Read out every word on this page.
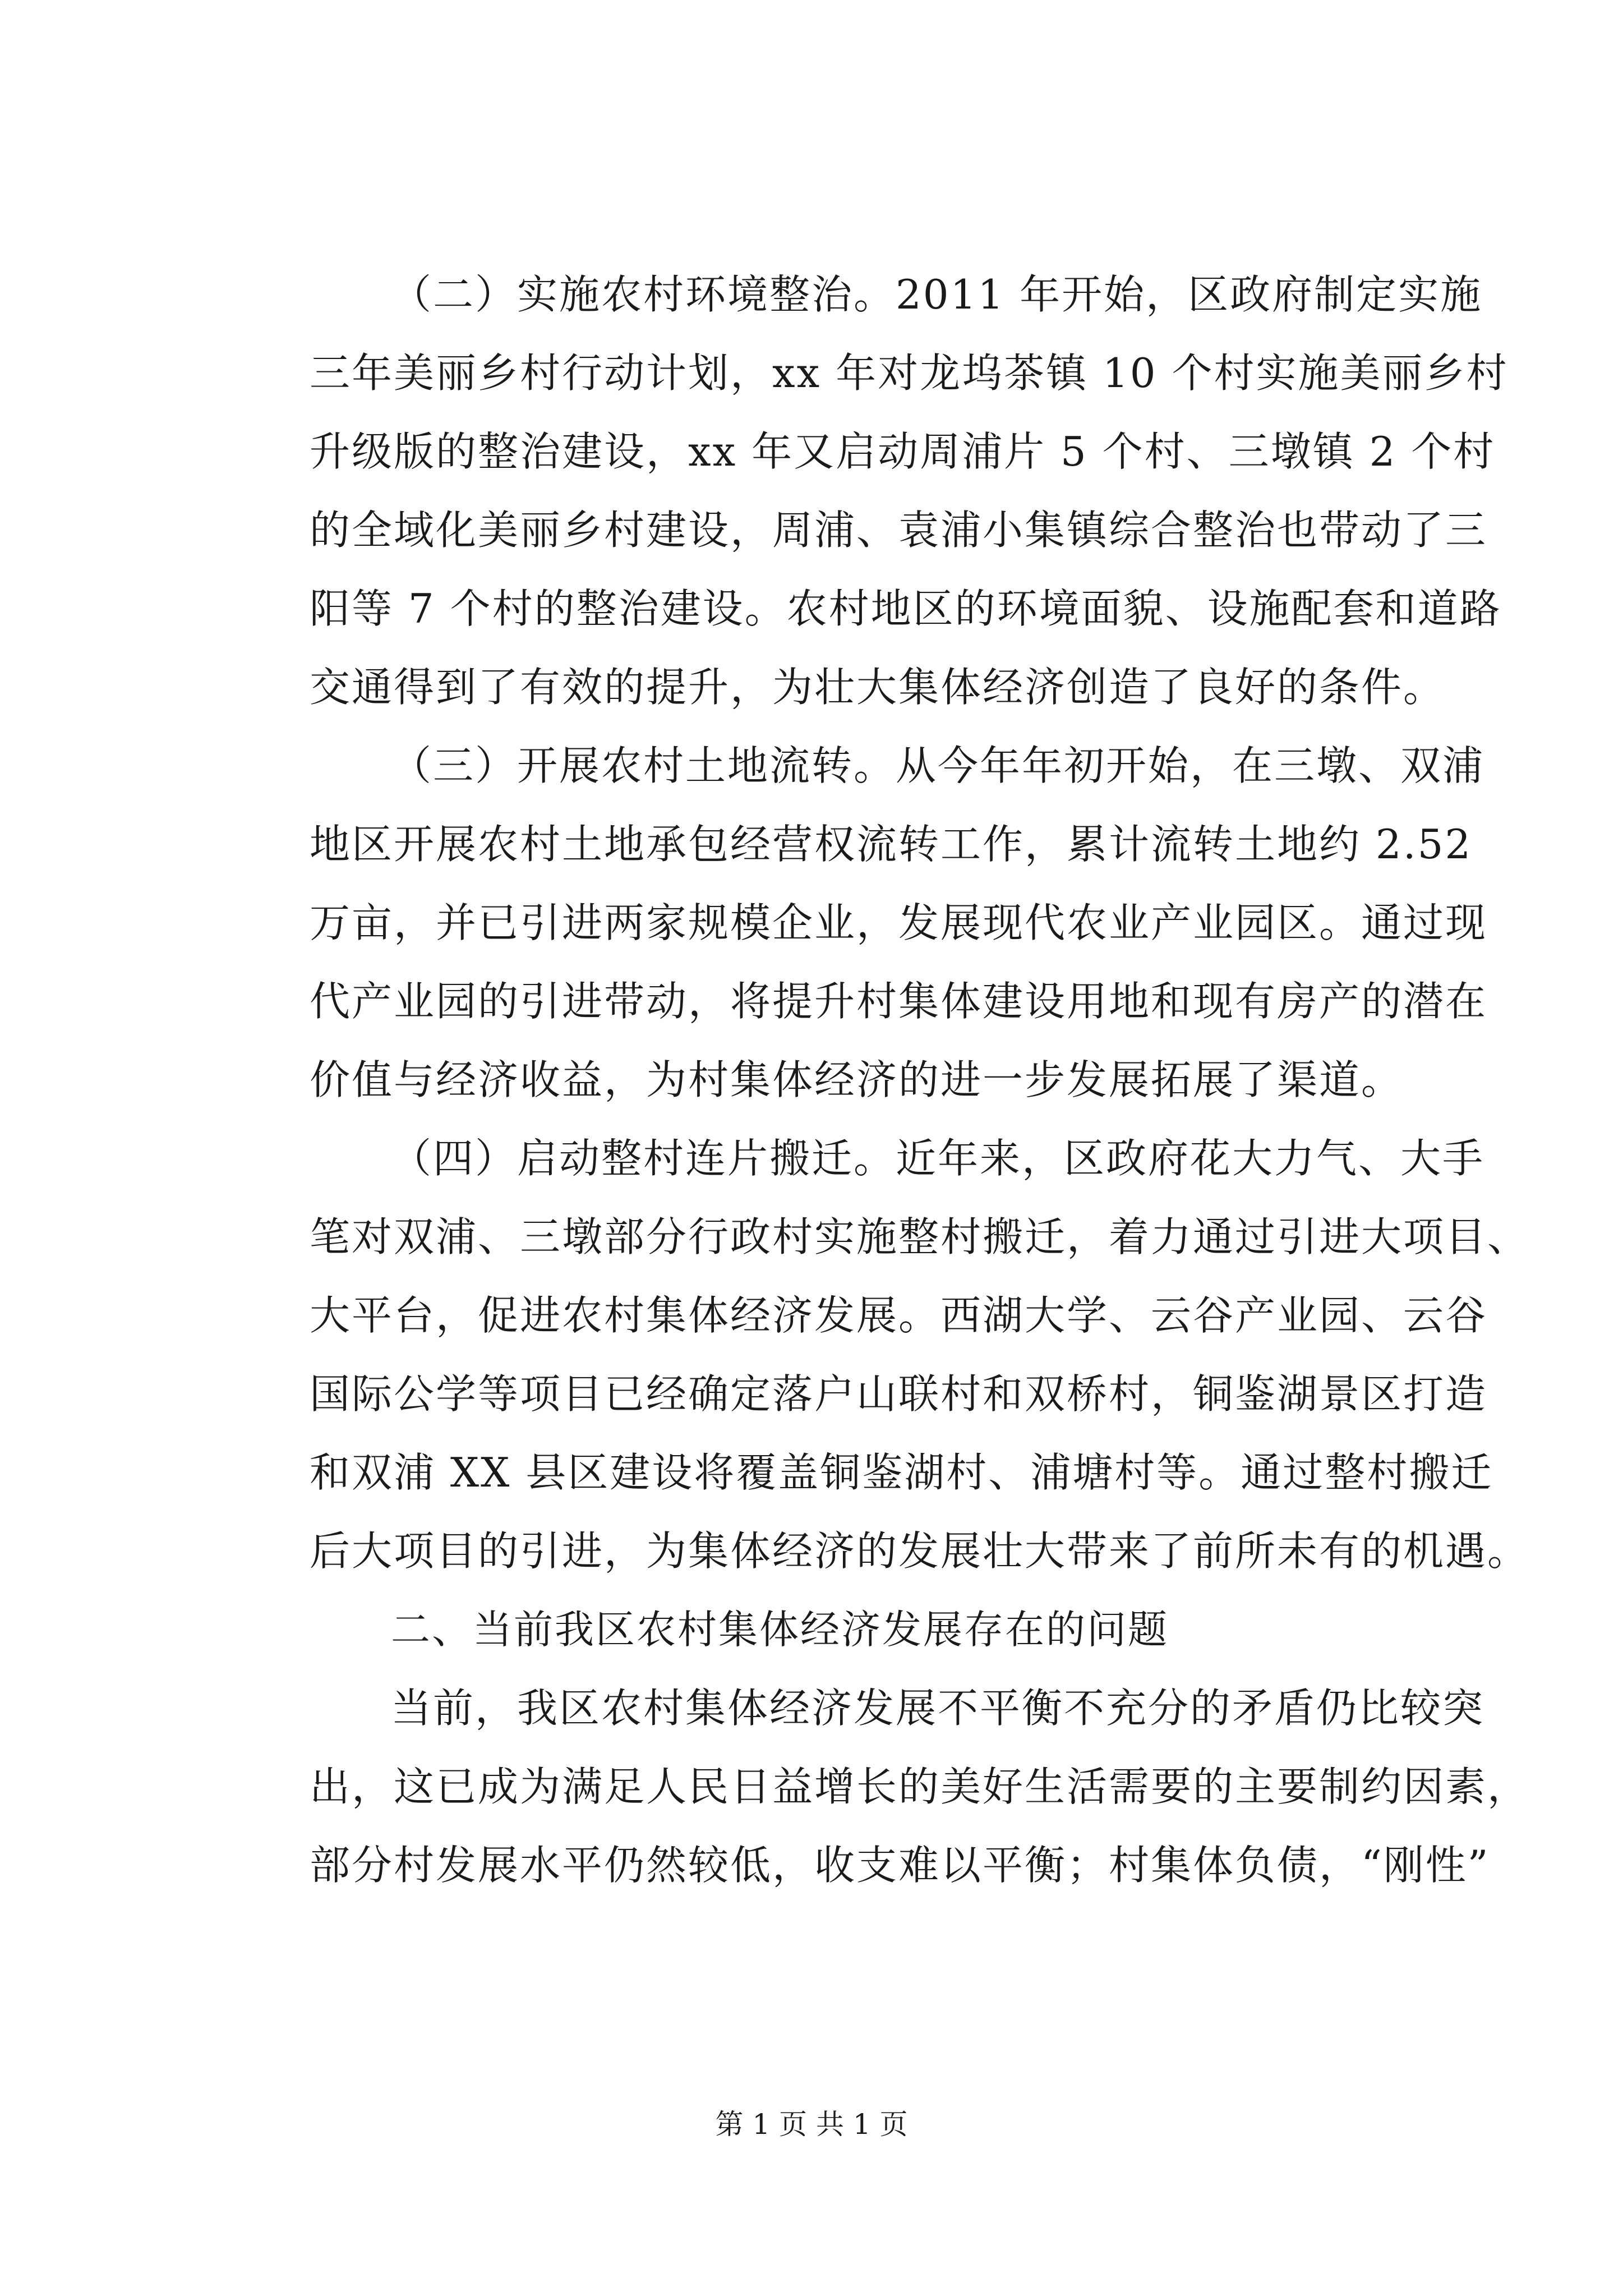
（二）实施农村环境整治。2011 年开始，区政府制定实施
三年美丽乡村行动计划，xx 年对龙坞茶镇 10 个村实施美丽乡村
升级版的整治建设，xx 年又启动周浦片 5 个村、三墩镇 2 个村
的全域化美丽乡村建设，周浦、袁浦小集镇综合整治也带动了三
阳等 7 个村的整治建设。农村地区的环境面貌、设施配套和道路
交通得到了有效的提升，为壮大集体经济创造了良好的条件。
（三）开展农村土地流转。从今年年初开始，在三墩、双浦
地区开展农村土地承包经营权流转工作，累计流转土地约 2.52
万亩，并已引进两家规模企业，发展现代农业产业园区。通过现
代产业园的引进带动，将提升村集体建设用地和现有房产的潜在
价值与经济收益，为村集体经济的进一步发展拓展了渠道。
（四）启动整村连片搬迁。近年来，区政府花大力气、大手
笔对双浦、三墩部分行政村实施整村搬迁，着力通过引进大项目、
大平台，促进农村集体经济发展。西湖大学、云谷产业园、云谷
国际公学等项目已经确定落户山联村和双桥村，铜鉴湖景区打造
和双浦 XX 县区建设将覆盖铜鉴湖村、浦塘村等。通过整村搬迁
后大项目的引进，为集体经济的发展壮大带来了前所未有的机遇。
二、当前我区农村集体经济发展存在的问题
当前，我区农村集体经济发展不平衡不充分的矛盾仍比较突
出，这已成为满足人民日益增长的美好生活需要的主要制约因素，
部分村发展水平仍然较低，收支难以平衡；村集体负债，“刚性”
第 1 页 共 1 页
